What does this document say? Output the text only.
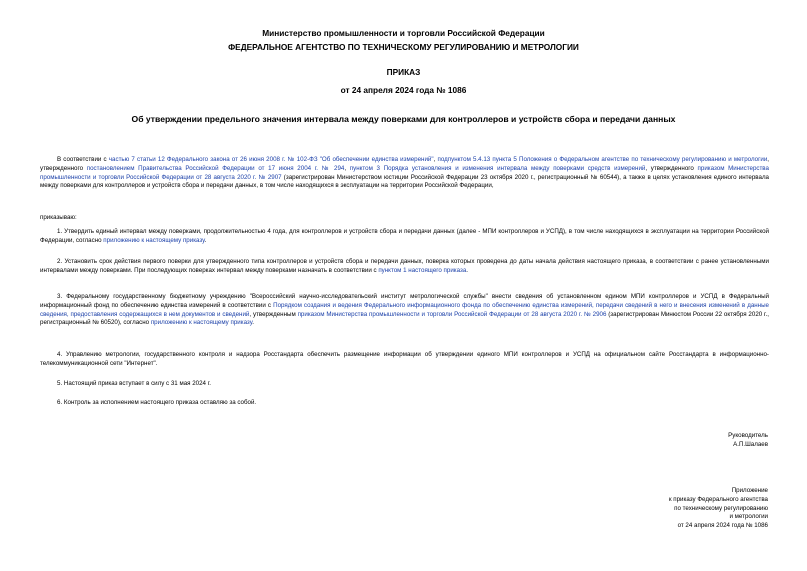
Министерство промышленности и торговли Российской Федерации
ФЕДЕРАЛЬНОЕ АГЕНТСТВО ПО ТЕХНИЧЕСКОМУ РЕГУЛИРОВАНИЮ И МЕТРОЛОГИИ
ПРИКАЗ
от 24 апреля 2024 года № 1086
Об утверждении предельного значения интервала между поверками для контроллеров и устройств сбора и передачи данных

В соответствии с частью 7 статьи 12 Федерального закона от 26 июня 2008 г. № 102-ФЗ "Об обеспечении единства измерений", подпунктом 5.4.13 пункта 5 Положения о Федеральном агентстве по техническому регулированию и метрологии, утвержденного постановлением Правительства Российской Федерации от 17 июня 2004 г. № 294, пунктом 3 Порядка установления и изменения интервала между поверками средств измерений, утвержденного приказом Министерства промышленности и торговли Российской Федерации от 28 августа 2020 г. № 2907 (зарегистрирован Министерством юстиции Российской Федерации 23 октября 2020 г., регистрационный № 60544), а также в целях установления единого интервала между поверками для контроллеров и устройств сбора и передачи данных, в том числе находящихся в эксплуатации на территории Российской Федерации,

приказываю:

1. Утвердить единый интервал между поверками, продолжительностью 4 года, для контроллеров и устройств сбора и передачи данных (далее - МПИ контроллеров и УСПД), в том числе находящихся в эксплуатации на территории Российской Федерации, согласно приложению к настоящему приказу.

2. Установить срок действия первого поверки для утвержденного типа контроллеров и устройств сбора и передачи данных, поверка которых проведена до даты начала действия настоящего приказа, в соответствии с ранее установленными интервалами между поверками. При последующих поверках интервал между поверками назначать в соответствии с пунктом 1 настоящего приказа.

3. Федеральному государственному бюджетному учреждению "Всероссийский научно-исследовательский институт метрологической службы" внести сведения об установленном едином МПИ контроллеров и УСПД в Федеральный информационный фонд по обеспечению единства измерений в соответствии с Порядком создания и ведения Федерального информационного фонда по обеспечению единства измерений, передачи сведений в него и внесения изменений в данные сведения, предоставления содержащихся в нем документов и сведений, утвержденным приказом Министерства промышленности и торговли Российской Федерации от 28 августа 2020 г. № 2906 (зарегистрирован Минюстом России 22 октября 2020 г., регистрационный № 60520), согласно приложению к настоящему приказу.

4. Управлению метрологии, государственного контроля и надзора Росстандарта обеспечить размещение информации об утверждении единого МПИ контроллеров и УСПД на официальном сайте Росстандарта в информационно-телекоммуникационной сети "Интернет".

5. Настоящий приказ вступает в силу с 31 мая 2024 г.

6. Контроль за исполнением настоящего приказа оставляю за собой.

Руководитель
А.П.Шалаев
Приложение
к приказу Федерального агентства
по техническому регулированию
и метрологии
от 24 апреля 2024 года № 1086
